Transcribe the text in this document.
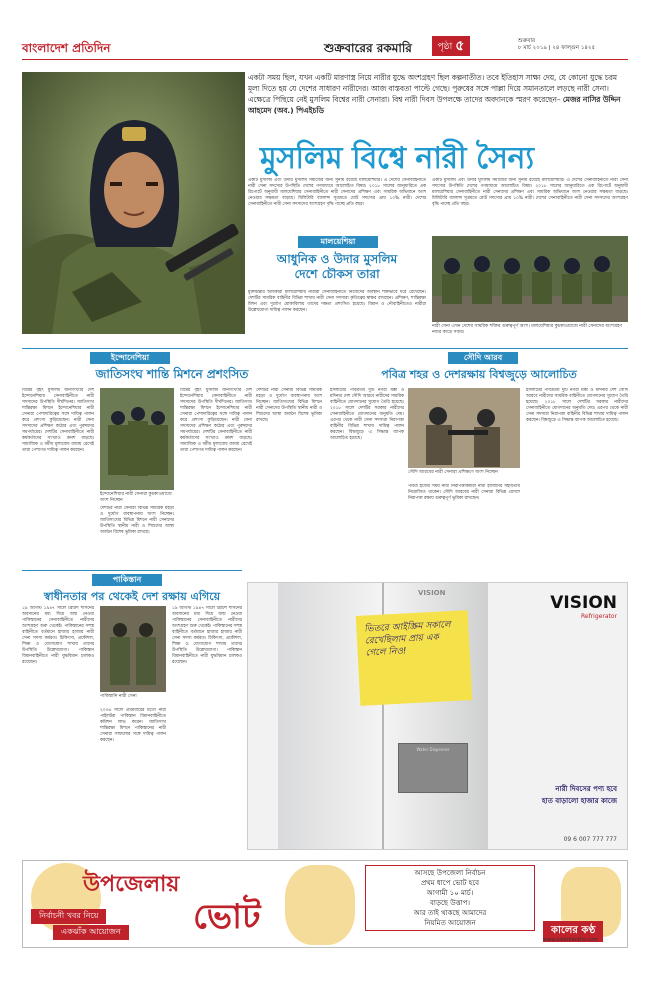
বাংলাদেশ প্রতিদিন	শুক্রবারের রকমারি	পৃষ্ঠা ৫	শুক্রবার
৮ মার্চ ২০১৯ | ২৪ ফাল্গুন ১৪২৫
একটা সময় ছিল, যখন একটি মারণাস্ত্র নিয়ে নারীর যুদ্ধে অংশগ্রহণ ছিল কল্পনাতীত। তবে ইতিহাস সাক্ষ্য দেয়, যে কোনো যুদ্ধে চরম মূল্য দিতে হয় যে দেশের সাধারণ নারীদের। আজ বাস্তবতা পাল্টে গেছে। পুরুষের সঙ্গে পাল্লা দিয়ে সমানতালে লড়ছে নারী সেনা। এক্ষেত্রে পিছিয়ে নেই মুসলিম বিশ্বের নারী সেনারা। বিশ্ব নারী দিবস উপলক্ষে তাদের অবদানকে স্মরণ করেছেন– মেজর নাসির উদ্দিন আহমেদ (অব.) পিএইচডি
মুসলিম বিশ্বে নারী সৈন্য
একটি মুসলিম এবং উদার মুসলিম সমাজের জন্য সুনাম রয়েছে মালয়েশিয়ার। এ দেশের সেনাবাহিনীতে নারী সেনা সদস্যের উপস্থিতি দেশের গণমাধ্যমে আলোচিত বিষয়। ২০১৮ সালের জানুয়ারিতে এক রিপোর্টে অনুযায়ী মালয়েশিয়ার সেনাবাহিনীতে নারী সেনাদের প্রশিক্ষণ এবং সামরিক অভিযানে অংশ নেওয়ার সক্ষমতা বাড়ছে। মিলিটারি ব্যালান্স সূত্রমতে মোট সদস্যের প্রায় ১০% নারী। দেশের সেনাবাহিনীতে নারী সেনা সদস্যদের অংশগ্রহণ বৃদ্ধি পাচ্ছে প্রতি বছর।
একটি মুসলিম এবং উদার মুসলিম সমাজের জন্য সুনাম রয়েছে মালয়েশিয়ার। এ দেশের সেনাবাহিনীতে নারী সেনা সদস্যের উপস্থিতি দেশের গণমাধ্যমে আলোচিত বিষয়। ২০১৮ সালের জানুয়ারিতে এক রিপোর্টে অনুযায়ী মালয়েশিয়ার সেনাবাহিনীতে নারী সেনাদের প্রশিক্ষণ এবং সামরিক অভিযানে অংশ নেওয়ার সক্ষমতা বাড়ছে। মিলিটারি ব্যালান্স সূত্রমতে মোট সদস্যের প্রায় ১০% নারী। দেশের সেনাবাহিনীতে নারী সেনা সদস্যদের অংশগ্রহণ বৃদ্ধি পাচ্ছে প্রতি বছর।
মালয়েশিয়া
আধুনিক ও উদার মুসলিম
দেশে চৌকস তারা
মুক্তচিন্তার অধিকারী মালয়েশিয়ার নারীরা সেনাবাহিনীতে নিজেদের অবস্থান শক্তভাবে ধরে রেখেছেন। দেশটির সামরিক বাহিনীর বিভিন্ন শাখায় নারী সেনা সদস্যরা কৃতিত্বের স্বাক্ষর রাখছেন। প্রশিক্ষণ, শান্তিরক্ষা মিশন এবং দুর্যোগ মোকাবিলায় তাদের দক্ষতা প্রশংসিত হয়েছে। বিমান ও নৌবাহিনীতেও নারীরা উল্লেখযোগ্য দায়িত্ব পালন করছেন।
নারী সেনা এখন দেশের সামরিক শক্তির গুরুত্বপূর্ণ অংশ। মালয়েশিয়ার কুচকাওয়াজে নারী সেনাদের অংশগ্রহণ নজর কাড়ে সবার।
ইন্দোনেশিয়া
জাতিসংঘ শান্তি মিশনে প্রশংসিত
সৌদি আরব
পবিত্র শহর ও দেশরক্ষায় বিশ্বজুড়ে আলোচিত
বিশ্বের বৃহৎ মুসলিম জনসংখ্যার দেশ ইন্দোনেশিয়ার সেনাবাহিনীতে নারী সদস্যদের উপস্থিতি দীর্ঘদিনের। জাতিসংঘ শান্তিরক্ষা মিশনে ইন্দোনেশিয়ার নারী সেনারা পেশাদারিত্বের সঙ্গে দায়িত্ব পালন করে প্রশংসা কুড়িয়েছেন। নারী সেনা সদস্যদের প্রশিক্ষণ কঠোর এবং পুরুষদের সমপর্যায়ের। দেশটির সেনাবাহিনীতে নারী কর্মকর্তাদের সংখ্যাও ক্রমশ বাড়ছে। সামাজিক ও ধর্মীয় মূল্যবোধ বজায় রেখেই তারা পেশাগত দায়িত্ব পালন করছেন।
ইন্দোনেশিয়ার নারী সেনারা কুচকাওয়াজে অংশ নিচ্ছেন
দেশটির নারী সেনারা বিভিন্ন সামরিক মহড়া ও দুর্যোগ ব্যবস্থাপনায় অংশ নিচ্ছেন। জাতিসংঘের বিভিন্ন মিশনে নারী সেনাদের উপস্থিতি স্থানীয় নারী ও শিশুদের আস্থা অর্জনে বিশেষ ভূমিকা রাখছে।
বিশ্বের বৃহৎ মুসলিম জনসংখ্যার দেশ ইন্দোনেশিয়ার সেনাবাহিনীতে নারী সদস্যদের উপস্থিতি দীর্ঘদিনের। জাতিসংঘ শান্তিরক্ষা মিশনে ইন্দোনেশিয়ার নারী সেনারা পেশাদারিত্বের সঙ্গে দায়িত্ব পালন করে প্রশংসা কুড়িয়েছেন। নারী সেনা সদস্যদের প্রশিক্ষণ কঠোর এবং পুরুষদের সমপর্যায়ের। দেশটির সেনাবাহিনীতে নারী কর্মকর্তাদের সংখ্যাও ক্রমশ বাড়ছে। সামাজিক ও ধর্মীয় মূল্যবোধ বজায় রেখেই তারা পেশাগত দায়িত্ব পালন করছেন।
দেশটির নারী সেনারা বিভিন্ন সামরিক মহড়া ও দুর্যোগ ব্যবস্থাপনায় অংশ নিচ্ছেন। জাতিসংঘের বিভিন্ন মিশনে নারী সেনাদের উপস্থিতি স্থানীয় নারী ও শিশুদের আস্থা অর্জনে বিশেষ ভূমিকা রাখছে।
ইসলামের পবিত্রতম দুটি নগরী মক্কা ও মদিনার দেশ সৌদি আরবে নারীদের সামরিক বাহিনীতে যোগদানের সুযোগ তৈরি হয়েছে। ২০১৮ সালে দেশটির সরকার নারীদের সেনাবাহিনীতে যোগদানের অনুমতি দেয়। এরপর থেকে নারী সেনা সদস্যরা নিরাপত্তা বাহিনীর বিভিন্ন শাখায় দায়িত্ব পালন করছেন। বিশ্বজুড়ে এ সিদ্ধান্ত ব্যাপক আলোচিত হয়েছে।
সৌদি আরবের নারী সেনারা প্রশিক্ষণে অংশ নিচ্ছেন
পবিত্র হজের সময় নারী নিরাপত্তাকর্মীরা নারী হাজিদের সহায়তায় নিয়োজিত থাকেন। সৌদি আরবের নারী সেনারা বিভিন্ন প্রদেশে নিরাপত্তা রক্ষায় গুরুত্বপূর্ণ ভূমিকা রাখছেন।
ইসলামের পবিত্রতম দুটি নগরী মক্কা ও মদিনার দেশ সৌদি আরবে নারীদের সামরিক বাহিনীতে যোগদানের সুযোগ তৈরি হয়েছে। ২০১৮ সালে দেশটির সরকার নারীদের সেনাবাহিনীতে যোগদানের অনুমতি দেয়। এরপর থেকে নারী সেনা সদস্যরা নিরাপত্তা বাহিনীর বিভিন্ন শাখায় দায়িত্ব পালন করছেন। বিশ্বজুড়ে এ সিদ্ধান্ত ব্যাপক আলোচিত হয়েছে।
পাকিস্তান
স্বাধীনতার পর থেকেই দেশ রক্ষায় এগিয়ে
১৯ আগস্ট ১৯৪৭ সালে ব্রিটিশ শাসনের অবসানের মধ্য দিয়ে জন্ম নেওয়া পাকিস্তানের সেনাবাহিনীতে নারীদের অংশগ্রহণ শুরু থেকেই। পাকিস্তানের সশস্ত্র বাহিনীতে বর্তমানে হাজার হাজার নারী সেনা সদস্য কর্মরত। চিকিৎসা, প্রকৌশল, শিক্ষা ও যোগাযোগ শাখায় তাদের উপস্থিতি উল্লেখযোগ্য। পাকিস্তান বিমানবাহিনীতে নারী যুদ্ধবিমান চালকও রয়েছেন।
পাকিস্তানি নারী সেনা
২০০৬ সালে প্রথমবারের মতো নারী পাইলটরা পাকিস্তান বিমানবাহিনীতে কমিশন লাভ করেন। জাতিসংঘ শান্তিরক্ষা মিশনে পাকিস্তানের নারী সেনারা সাফল্যের সঙ্গে দায়িত্ব পালন করছেন।
১৯ আগস্ট ১৯৪৭ সালে ব্রিটিশ শাসনের অবসানের মধ্য দিয়ে জন্ম নেওয়া পাকিস্তানের সেনাবাহিনীতে নারীদের অংশগ্রহণ শুরু থেকেই। পাকিস্তানের সশস্ত্র বাহিনীতে বর্তমানে হাজার হাজার নারী সেনা সদস্য কর্মরত। চিকিৎসা, প্রকৌশল, শিক্ষা ও যোগাযোগ শাখায় তাদের উপস্থিতি উল্লেখযোগ্য। পাকিস্তান বিমানবাহিনীতে নারী যুদ্ধবিমান চালকও রয়েছেন।
VISION
ভিতরে আইস্ক্রিম সকালে রেখেছিলাম প্রায় এক গেলে নিও!
Water Dispenser
VISION
Refrigerator
নারী দিবসের পণ্য হবে
হাত বাড়ালো হাজার কাজে
09 6 007 777 777
উপজেলায়
ভোট
নির্বাচনী খবর নিয়ে
একঝাঁক আয়োজন
আসছে উপজেলা নির্বাচন
প্রথম ধাপে ভোট হবে
আগামী ১০ মার্চ।
বাড়ছে উত্তাপ।
আর তাই থাকছে আমাদের
নিয়মিত আয়োজন
কালের কণ্ঠ
www.kalerkantho.com
